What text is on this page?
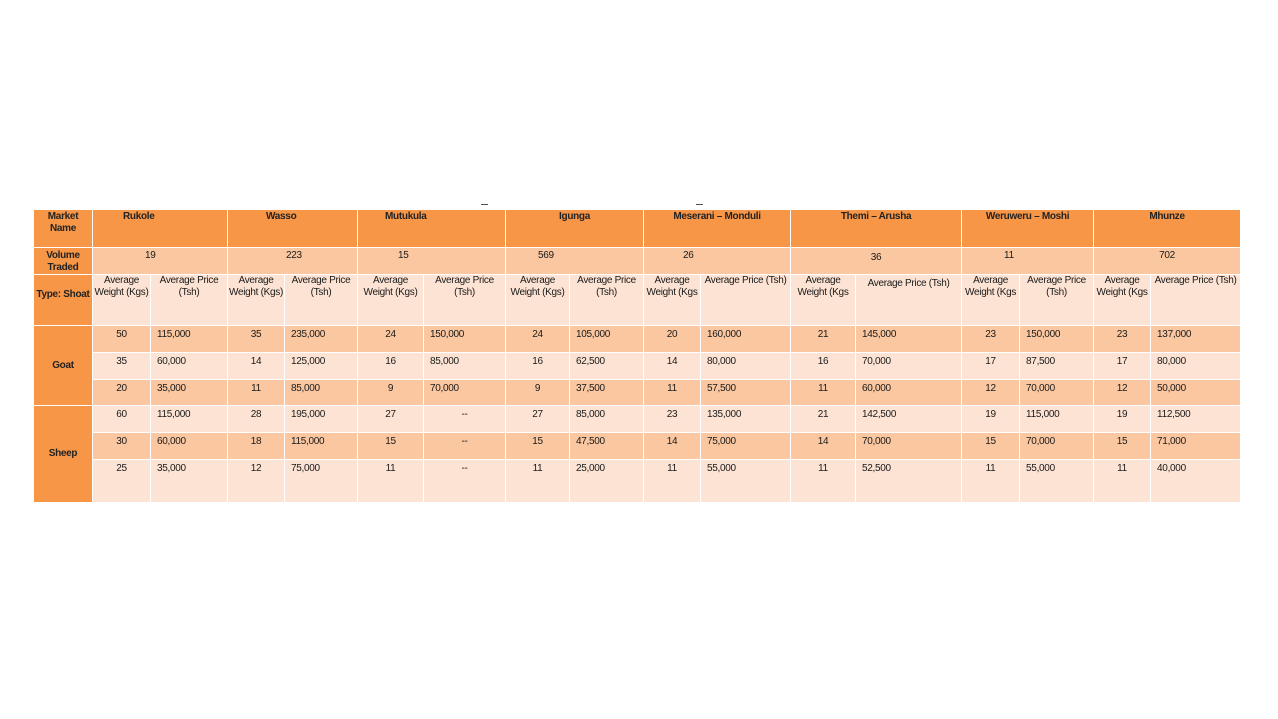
Market Name	Rukole		Wasso		Mutukula		Igunga		Meserani – Monduli		Themi – Arusha		Weruweru – Moshi		Mhunze	
Volume Traded	19		223		15		569		26		36		11		702	
Type: Shoat	Average Weight (Kgs)	Average Price (Tsh)	Average Weight (Kgs)	Average Price (Tsh)	Average Weight (Kgs)	Average Price (Tsh)	Average Weight (Kgs)	Average Price (Tsh)	Average Weight (Kgs	Average Price (Tsh)	Average Weight (Kgs	Average Price (Tsh)	Average Weight (Kgs	Average Price (Tsh)	Average Weight (Kgs	Average Price (Tsh)
Goat	50	115,000	35	235,000	24	150,000	24	105,000	20	160,000	21	145,000	23	150,000	23	137,000
	35	60,000	14	125,000	16	85,000	16	62,500	14	80,000	16	70,000	17	87,500	17	80,000
	20	35,000	11	85,000	9	70,000	9	37,500	11	57,500	11	60,000	12	70,000	12	50,000
Sheep	60	115,000	28	195,000	27	--	27	85,000	23	135,000	21	142,500	19	115,000	19	112,500
	30	60,000	18	115,000	15	--	15	47,500	14	75,000	14	70,000	15	70,000	15	71,000
	25	35,000	12	75,000	11	--	11	25,000	11	55,000	11	52,500	11	55,000	11	40,000
